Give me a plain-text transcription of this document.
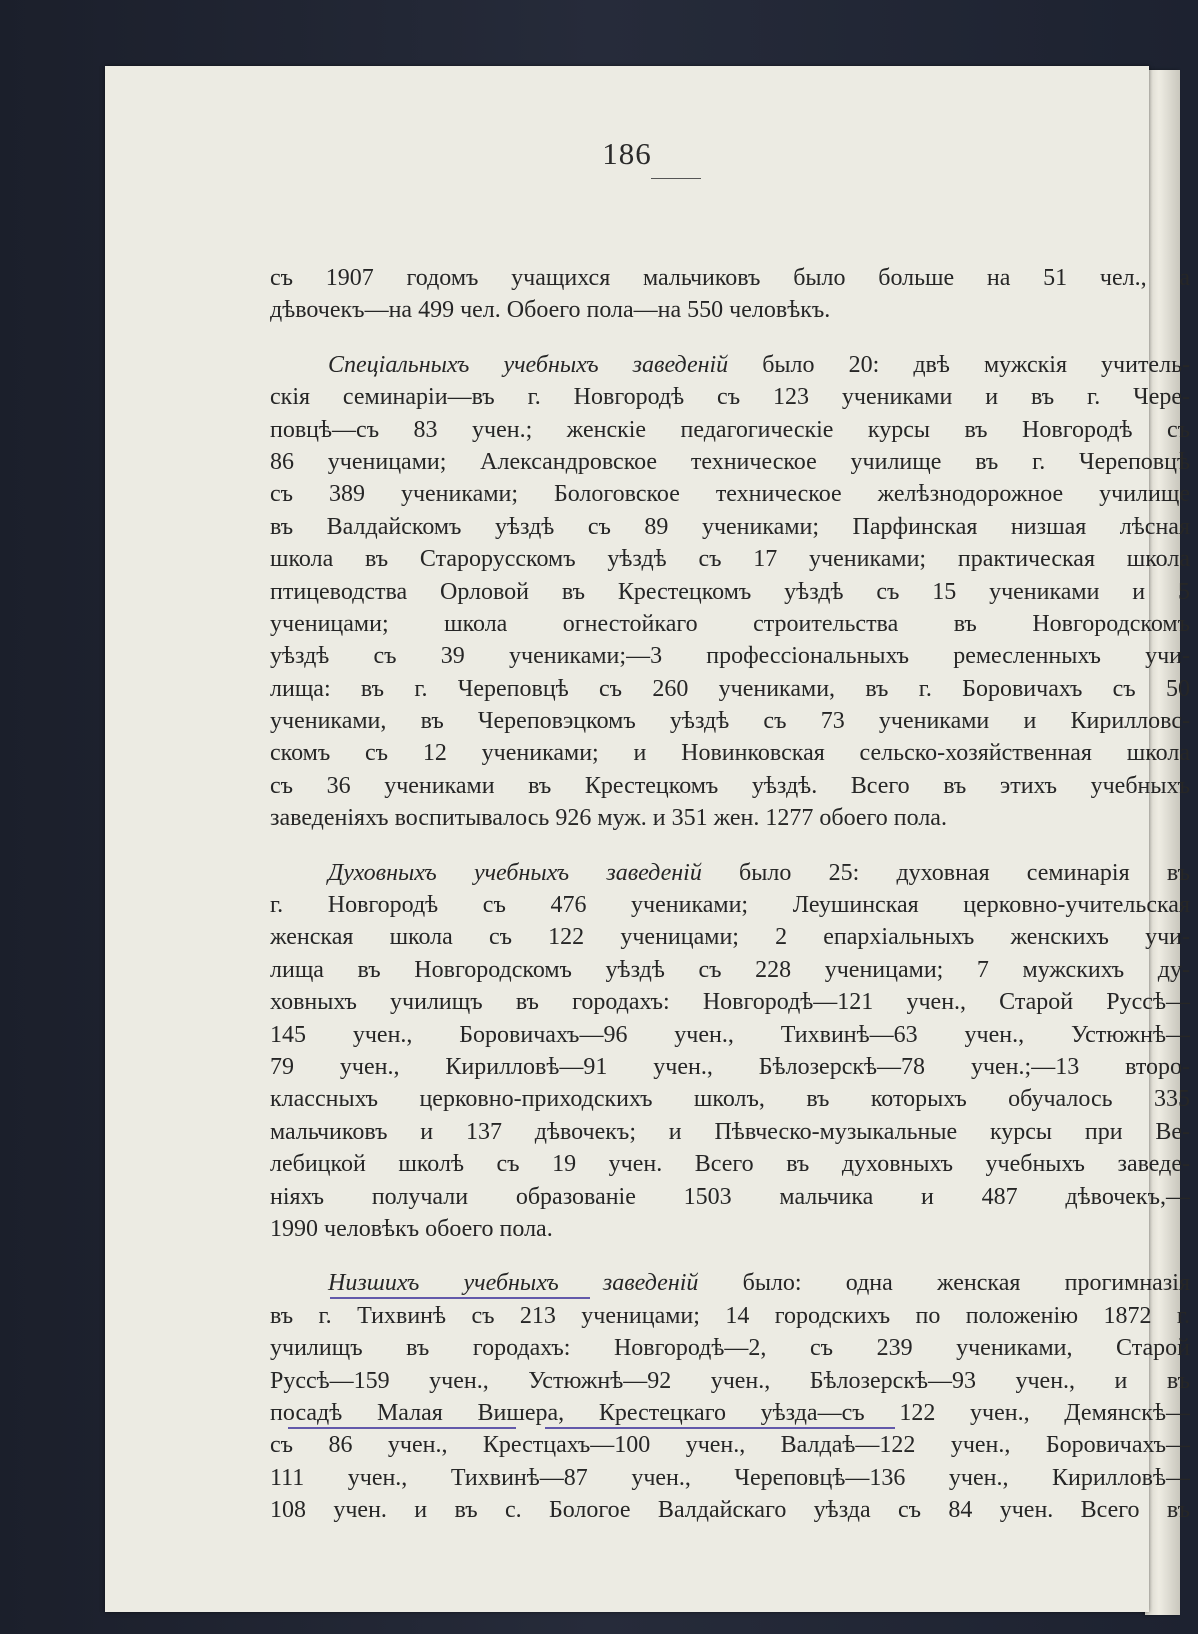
186
съ 1907 годомъ учащихся мальчиковъ было больше на 51 чел., а
дѣвочекъ—на 499 чел. Обоего пола—на 550 человѣкъ.
Спеціальныхъ учебныхъ заведеній было 20: двѣ мужскія учитель-
скія семинаріи—въ г. Новгородѣ съ 123 учениками и въ г. Чере-
повцѣ—съ 83 учен.; женскіе педагогическіе курсы въ Новгородѣ съ
86 ученицами; Александровское техническое училище въ г. Череповцѣ
съ 389 учениками; Бологовское техническое желѣзнодорожное училище
въ Валдайскомъ уѣздѣ съ 89 учениками; Парфинская низшая лѣсная
школа въ Старорусскомъ уѣздѣ съ 17 учениками; практическая школа
птицеводства Орловой въ Крестецкомъ уѣздѣ съ 15 учениками и 5
ученицами; школа огнестойкаго строительства въ Новгородскомъ
уѣздѣ съ 39 учениками;—3 профессіональныхъ ремесленныхъ учи-
лища: въ г. Череповцѣ съ 260 учениками, въ г. Боровичахъ съ 50
учениками, въ Череповэцкомъ уѣздѣ съ 73 учениками и Кирилловс-
скомъ съ 12 учениками; и Новинковская сельско-хозяйственная школа
съ 36 учениками въ Крестецкомъ уѣздѣ. Всего въ этихъ учебныхъ
заведеніяхъ воспитывалось 926 муж. и 351 жен. 1277 обоего пола.
Духовныхъ учебныхъ заведеній было 25: духовная семинарія въ
г. Новгородѣ съ 476 учениками; Леушинская церковно-учительская
женская школа съ 122 ученицами; 2 епархіальныхъ женскихъ учи-
лища въ Новгородскомъ уѣздѣ съ 228 ученицами; 7 мужскихъ ду-
ховныхъ училищъ въ городахъ: Новгородѣ—121 учен., Старой Руссѣ—
145 учен., Боровичахъ—96 учен., Тихвинѣ—63 учен., Устюжнѣ—
79 учен., Кирилловѣ—91 учен., Бѣлозерскѣ—78 учен.;—13 второ-
классныхъ церковно-приходскихъ школъ, въ которыхъ обучалось 335
мальчиковъ и 137 дѣвочекъ; и Пѣвческо-музыкальные курсы при Ве-
лебицкой школѣ съ 19 учен. Всего въ духовныхъ учебныхъ заведе-
ніяхъ получали образованіе 1503 мальчика и 487 дѣвочекъ,—
1990 человѣкъ обоего пола.
Низшихъ учебныхъ заведеній было: одна женская прогимназія
въ г. Тихвинѣ съ 213 ученицами; 14 городскихъ по положенію 1872 г.
училищъ въ городахъ: Новгородѣ—2, съ 239 учениками, Старой
Руссѣ—159 учен., Устюжнѣ—92 учен., Бѣлозерскѣ—93 учен., и въ
посадѣ Малая Вишера, Крестецкаго уѣзда—съ 122 учен., Демянскѣ—
съ 86 учен., Крестцахъ—100 учен., Валдаѣ—122 учен., Боровичахъ—
111 учен., Тихвинѣ—87 учен., Череповцѣ—136 учен., Кирилловѣ—
108 учен. и въ с. Бологое Валдайскаго уѣзда съ 84 учен. Всего въ
